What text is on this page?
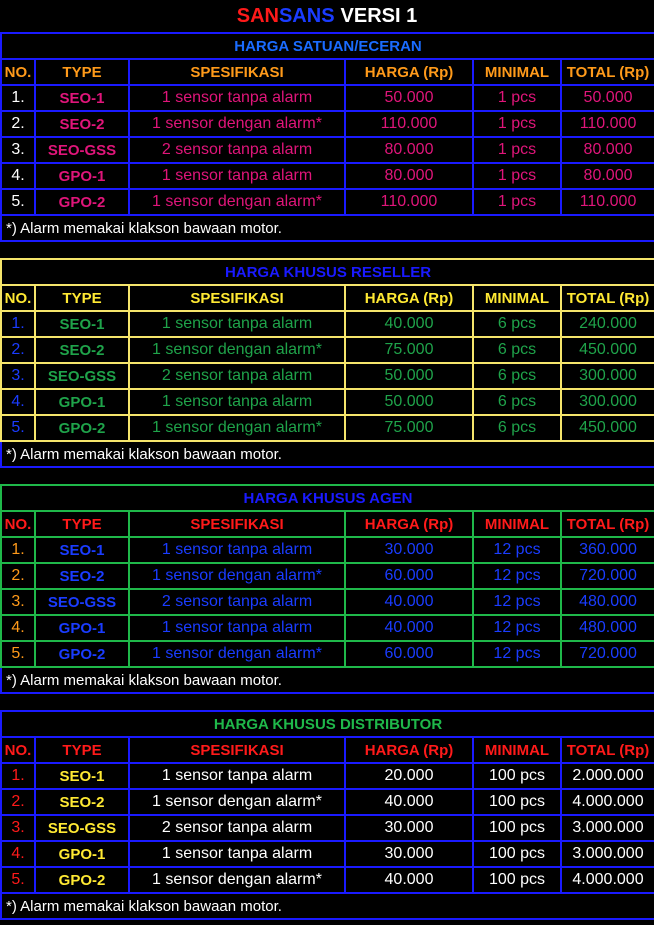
SAN SANS VERSI 1
HARGA SATUAN/ECERAN					
NO.	TYPE	SPESIFIKASI	HARGA (Rp)	MINIMAL	TOTAL (Rp)
1.	SEO-1	1 sensor tanpa alarm	50.000	1 pcs	50.000
2.	SEO-2	1 sensor dengan alarm*	110.000	1 pcs	110.000
3.	SEO-GSS	2 sensor tanpa alarm	80.000	1 pcs	80.000
4.	GPO-1	1 sensor tanpa alarm	80.000	1 pcs	80.000
5.	GPO-2	1 sensor dengan alarm*	110.000	1 pcs	110.000
*) Alarm memakai klakson bawaan motor.					
HARGA KHUSUS RESELLER					
NO.	TYPE	SPESIFIKASI	HARGA (Rp)	MINIMAL	TOTAL (Rp)
1.	SEO-1	1 sensor tanpa alarm	40.000	6 pcs	240.000
2.	SEO-2	1 sensor dengan alarm*	75.000	6 pcs	450.000
3.	SEO-GSS	2 sensor tanpa alarm	50.000	6 pcs	300.000
4.	GPO-1	1 sensor tanpa alarm	50.000	6 pcs	300.000
5.	GPO-2	1 sensor dengan alarm*	75.000	6 pcs	450.000
*) Alarm memakai klakson bawaan motor.					
HARGA KHUSUS AGEN					
NO.	TYPE	SPESIFIKASI	HARGA (Rp)	MINIMAL	TOTAL (Rp)
1.	SEO-1	1 sensor tanpa alarm	30.000	12 pcs	360.000
2.	SEO-2	1 sensor dengan alarm*	60.000	12 pcs	720.000
3.	SEO-GSS	2 sensor tanpa alarm	40.000	12 pcs	480.000
4.	GPO-1	1 sensor tanpa alarm	40.000	12 pcs	480.000
5.	GPO-2	1 sensor dengan alarm*	60.000	12 pcs	720.000
*) Alarm memakai klakson bawaan motor.					
HARGA KHUSUS DISTRIBUTOR					
NO.	TYPE	SPESIFIKASI	HARGA (Rp)	MINIMAL	TOTAL (Rp)
1.	SEO-1	1 sensor tanpa alarm	20.000	100 pcs	2.000.000
2.	SEO-2	1 sensor dengan alarm*	40.000	100 pcs	4.000.000
3.	SEO-GSS	2 sensor tanpa alarm	30.000	100 pcs	3.000.000
4.	GPO-1	1 sensor tanpa alarm	30.000	100 pcs	3.000.000
5.	GPO-2	1 sensor dengan alarm*	40.000	100 pcs	4.000.000
*) Alarm memakai klakson bawaan motor.					
